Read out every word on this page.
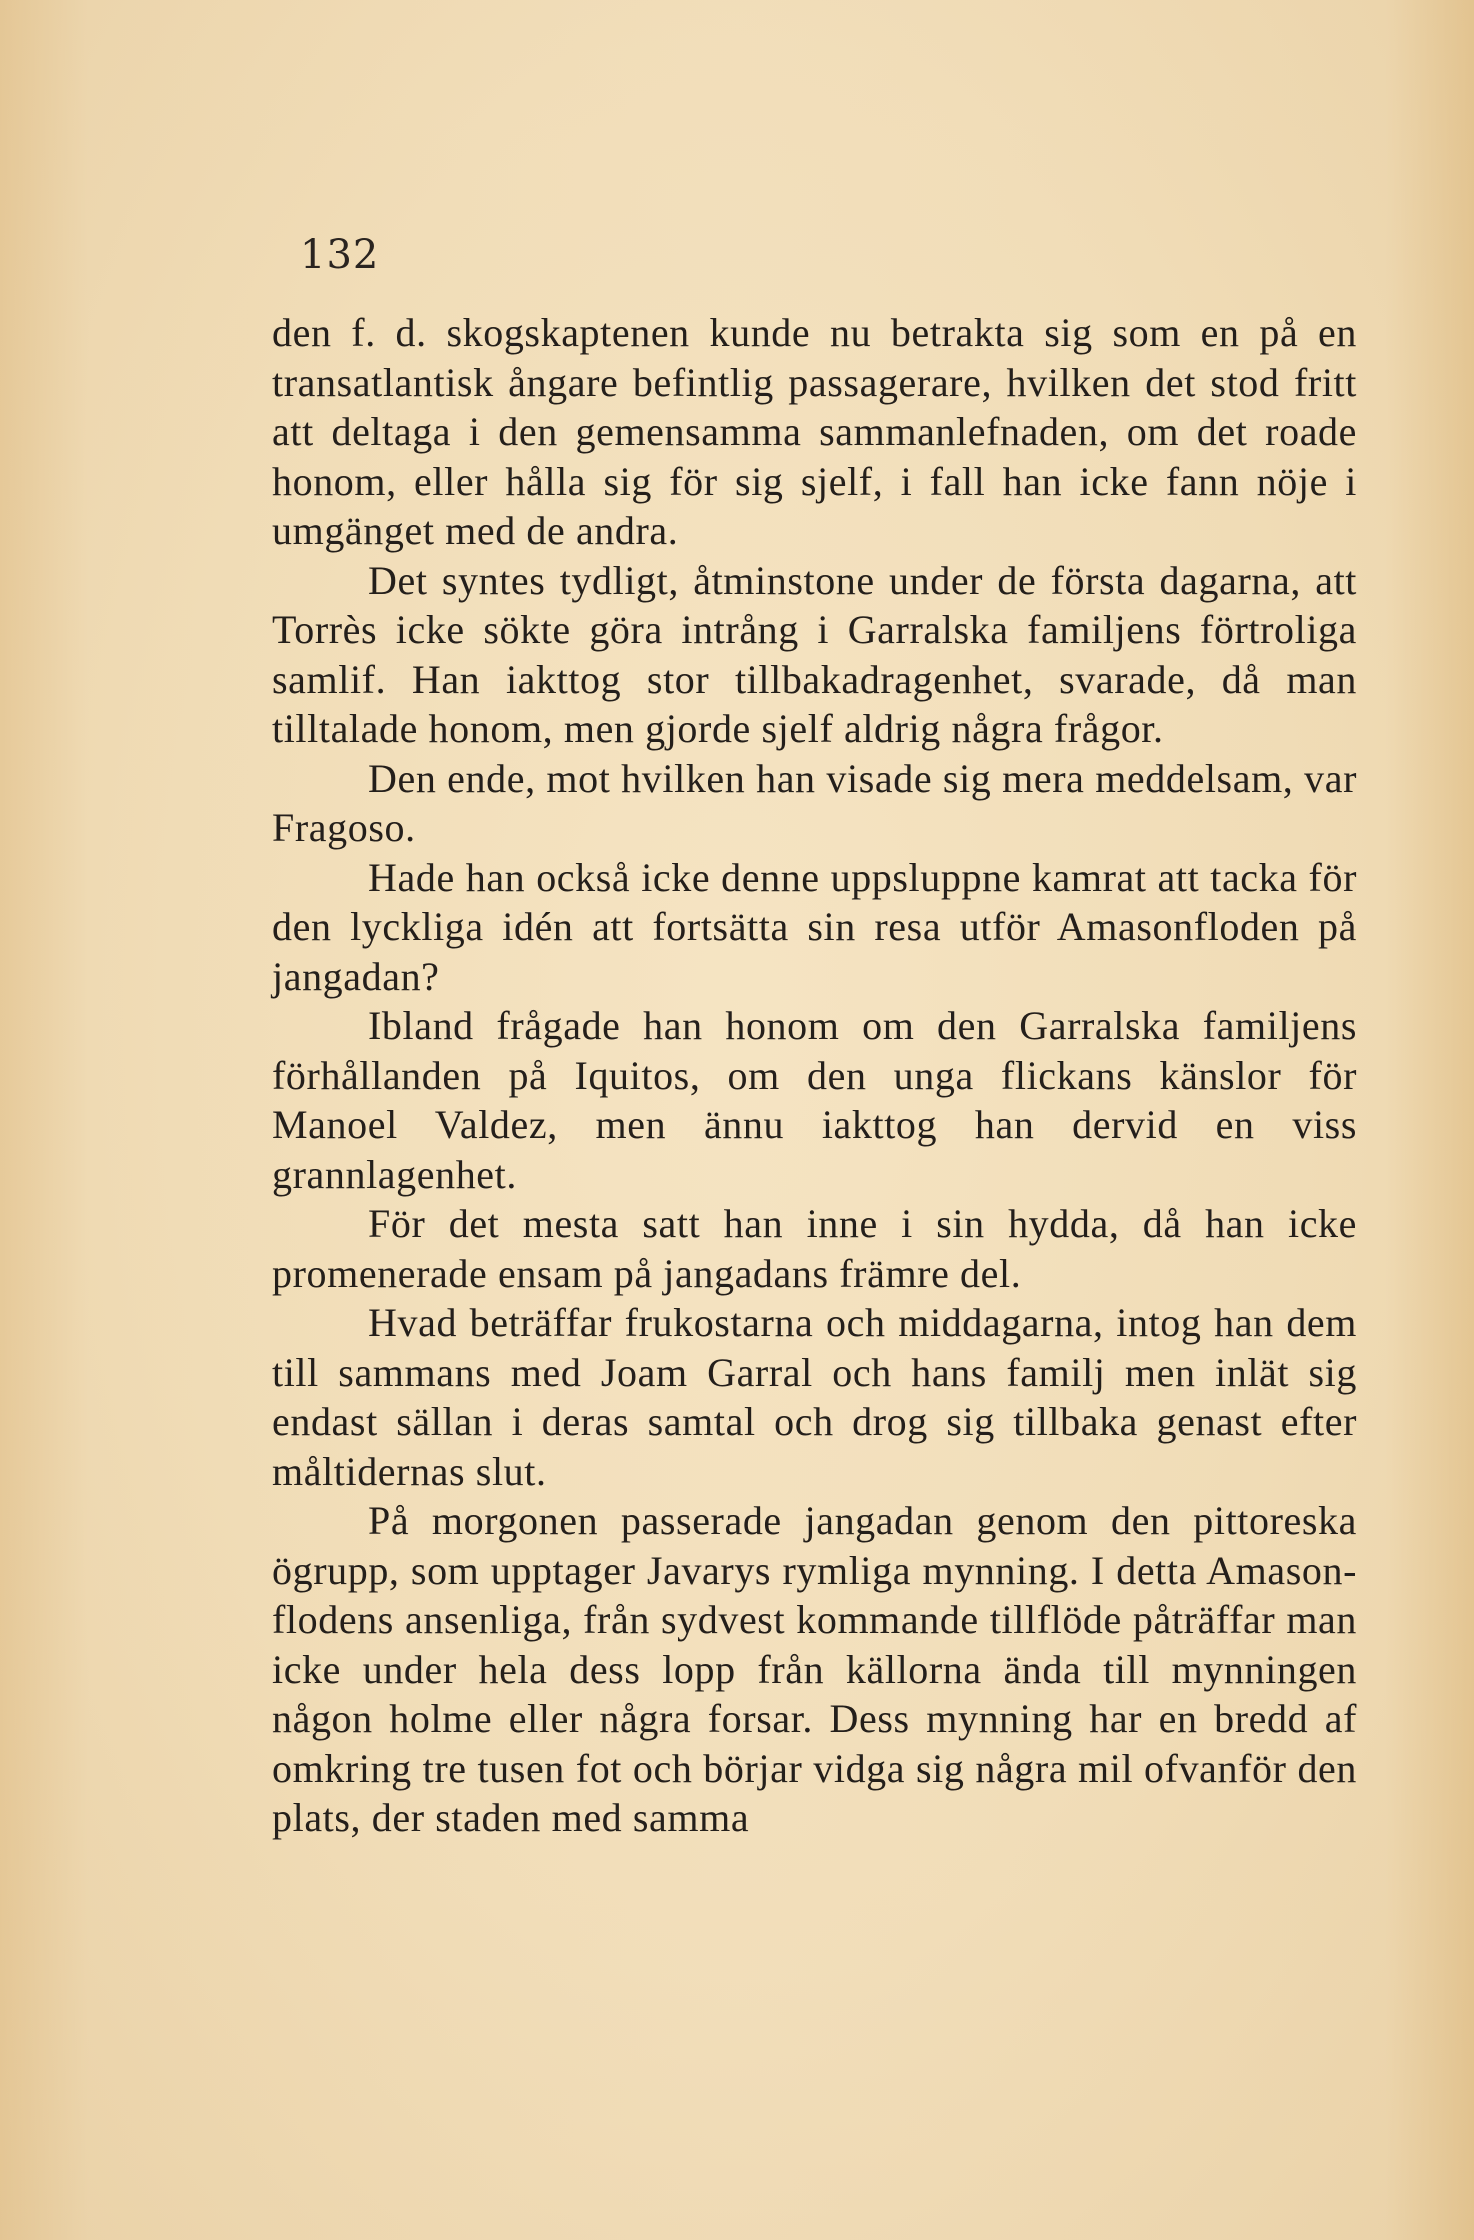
132

den f. d. skogskaptenen kunde nu betrakta sig som en på en transatlantisk ångare befintlig passagerare, hvilken det stod fritt att deltaga i den gemensamma sammanlefnaden, om det roade honom, eller hålla sig för sig sjelf, i fall han icke fann nöje i umgänget med de andra.

Det syntes tydligt, åtminstone under de första dagarna, att Torrès icke sökte göra intrång i Garralska familjens förtroliga samlif. Han iakttog stor tillbakadragenhet, svarade, då man tilltalade honom, men gjorde sjelf aldrig några frågor.

Den ende, mot hvilken han visade sig mera meddelsam, var Fragoso.

Hade han också icke denne uppsluppne kamrat att tacka för den lyckliga idén att fortsätta sin resa utför Amasonfloden på jangadan?

Ibland frågade han honom om den Garralska familjens förhållanden på Iquitos, om den unga flickans känslor för Manoel Valdez, men ännu iakttog han dervid en viss grannlagenhet.

För det mesta satt han inne i sin hydda, då han icke promenerade ensam på jangadans främre del.

Hvad beträffar frukostarna och middagarna, intog han dem till sammans med Joam Garral och hans familj men inlät sig endast sällan i deras samtal och drog sig tillbaka genast efter måltidernas slut.

På morgonen passerade jangadan genom den pittoreska ögrupp, som upptager Javarys rymliga mynning. I detta Amason-flodens ansenliga, från sydvest kommande tillflöde påträffar man icke under hela dess lopp från källorna ända till mynningen någon holme eller några forsar. Dess mynning har en bredd af omkring tre tusen fot och börjar vidga sig några mil ofvanför den plats, der staden med samma
